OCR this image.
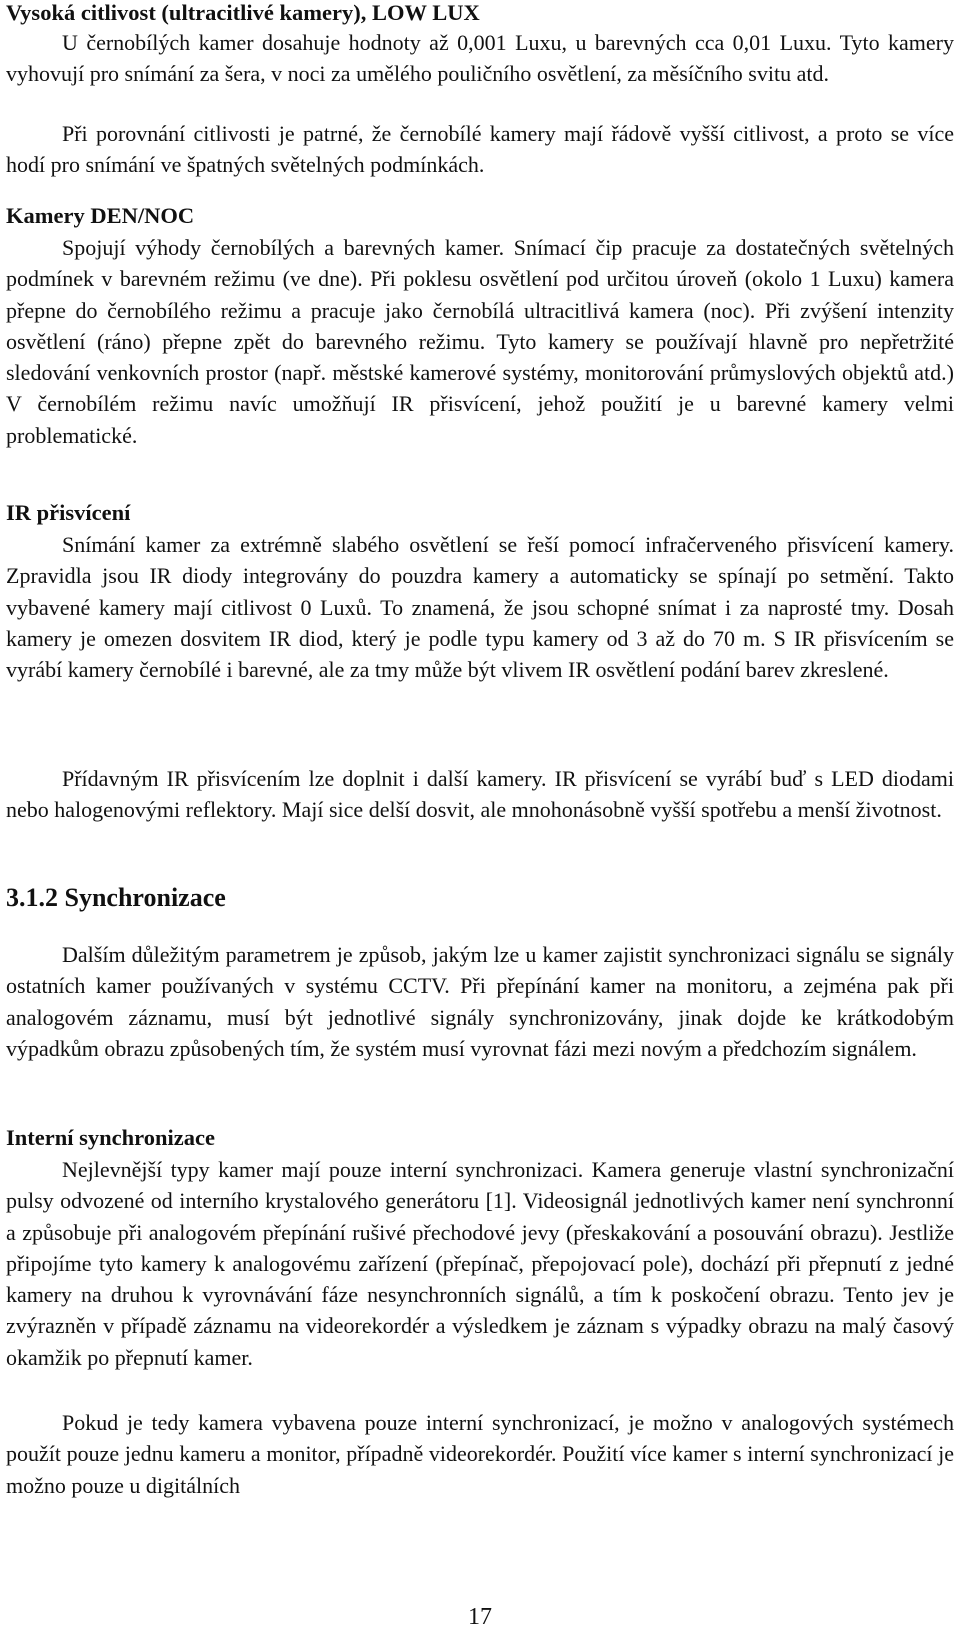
Vysoká citlivost (ultracitlivé kamery), LOW LUX
U černobílých kamer dosahuje hodnoty až 0,001 Luxu, u barevných cca 0,01 Luxu. Tyto kamery vyhovují pro snímání za šera, v noci za umělého pouličního osvětlení, za měsíčního svitu atd.
Při porovnání citlivosti je patrné, že černobílé kamery mají řádově vyšší citlivost, a proto se více hodí pro snímání ve špatných světelných podmínkách.
Kamery DEN/NOC
Spojují výhody černobílých a barevných kamer. Snímací čip pracuje za dostatečných světelných podmínek v barevném režimu (ve dne). Při poklesu osvětlení pod určitou úroveň (okolo 1 Luxu) kamera přepne do černobílého režimu a pracuje jako černobílá ultracitlivá kamera (noc). Při zvýšení intenzity osvětlení (ráno) přepne zpět do barevného režimu. Tyto kamery se používají hlavně pro nepřetržité sledování venkovních prostor (např. městské kamerové systémy, monitorování průmyslových objektů atd.) V černobílém režimu navíc umožňují IR přisvícení, jehož použití je u barevné kamery velmi problematické.
IR přisvícení
Snímání kamer za extrémně slabého osvětlení se řeší pomocí infračerveného přisvícení kamery. Zpravidla jsou IR diody integrovány do pouzdra kamery a automaticky se spínají po setmění. Takto vybavené kamery mají citlivost 0 Luxů. To znamená, že jsou schopné snímat i za naprosté tmy. Dosah kamery je omezen dosvitem IR diod, který je podle typu kamery od 3 až do 70 m. S IR přisvícením se vyrábí kamery černobílé i barevné, ale za tmy může být vlivem IR osvětlení podání barev zkreslené.
Přídavným IR přisvícením lze doplnit i další kamery. IR přisvícení se vyrábí buď s LED diodami nebo halogenovými reflektory. Mají sice delší dosvit, ale mnohonásobně vyšší spotřebu a menší životnost.
3.1.2 Synchronizace
Dalším důležitým parametrem je způsob, jakým lze u kamer zajistit synchronizaci signálu se signály ostatních kamer používaných v systému CCTV. Při přepínání kamer na monitoru, a zejména pak při analogovém záznamu, musí být jednotlivé signály synchronizovány, jinak dojde ke krátkodobým výpadkům obrazu způsobených tím, že systém musí vyrovnat fázi mezi novým a předchozím signálem.
Interní synchronizace
Nejlevnější typy kamer mají pouze interní synchronizaci. Kamera generuje vlastní synchronizační pulsy odvozené od interního krystalového generátoru [1]. Videosignál jednotlivých kamer není synchronní a způsobuje při analogovém přepínání rušivé přechodové jevy (přeskakování a posouvání obrazu). Jestliže připojíme tyto kamery k analogovému zařízení (přepínač, přepojovací pole), dochází při přepnutí z jedné kamery na druhou k vyrovnávání fáze nesynchronních signálů, a tím k poskočení obrazu. Tento jev je zvýrazněn v případě záznamu na videorekordér a výsledkem je záznam s výpadky obrazu na malý časový okamžik po přepnutí kamer.
Pokud je tedy kamera vybavena pouze interní synchronizací, je možno v analogových systémech použít pouze jednu kameru a monitor, případně videorekordér. Použití více kamer s interní synchronizací je možno pouze u digitálních
17
